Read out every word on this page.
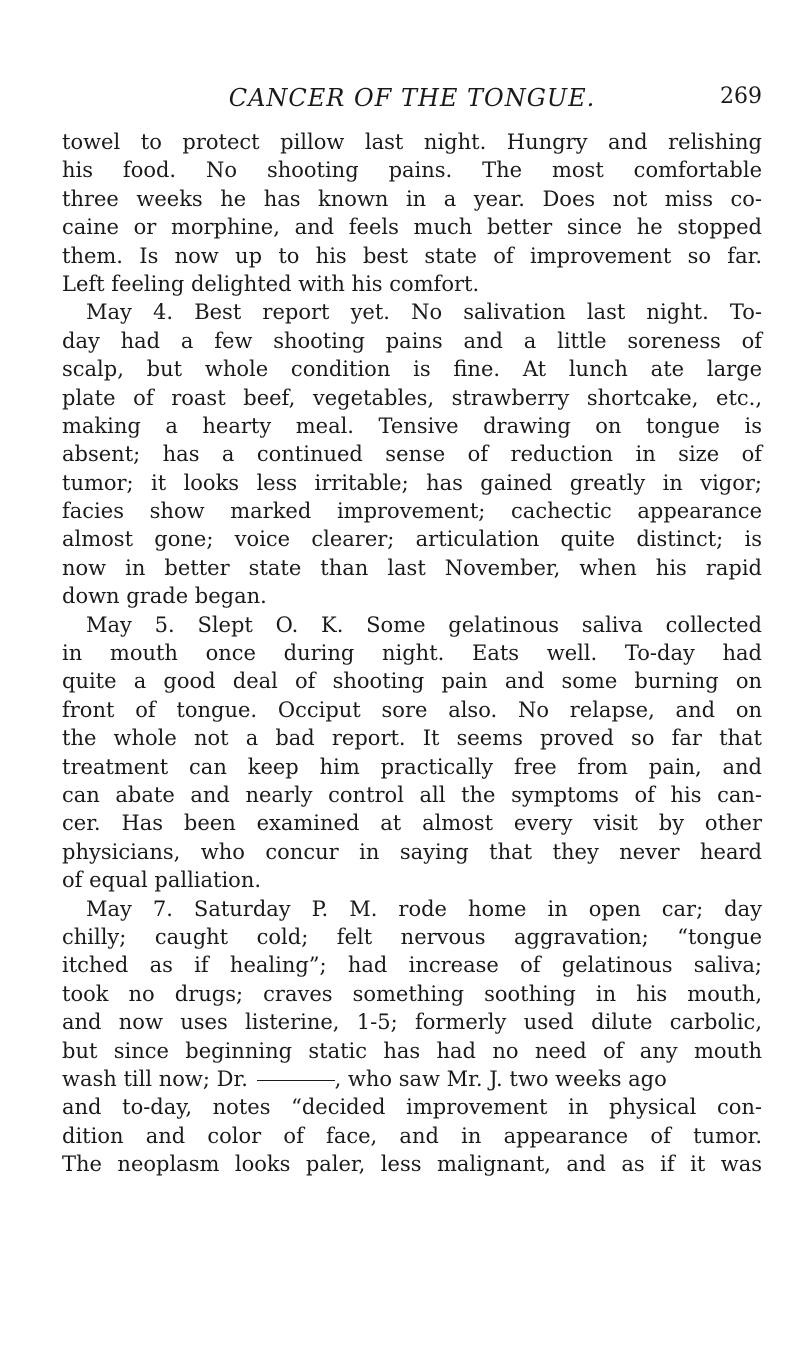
CANCER OF THE TONGUE.	269
towel to protect pillow last night. Hungry and relishing
his food. No shooting pains. The most comfortable
three weeks he has known in a year. Does not miss co-
caine or morphine, and feels much better since he stopped
them. Is now up to his best state of improvement so far.
Left feeling delighted with his comfort.
May 4. Best report yet. No salivation last night. To-
day had a few shooting pains and a little soreness of
scalp, but whole condition is fine. At lunch ate large
plate of roast beef, vegetables, strawberry shortcake, etc.,
making a hearty meal. Tensive drawing on tongue is
absent; has a continued sense of reduction in size of
tumor; it looks less irritable; has gained greatly in vigor;
facies show marked improvement; cachectic appearance
almost gone; voice clearer; articulation quite distinct; is
now in better state than last November, when his rapid
down grade began.
May 5. Slept O. K. Some gelatinous saliva collected
in mouth once during night. Eats well. To-day had
quite a good deal of shooting pain and some burning on
front of tongue. Occiput sore also. No relapse, and on
the whole not a bad report. It seems proved so far that
treatment can keep him practically free from pain, and
can abate and nearly control all the symptoms of his can-
cer. Has been examined at almost every visit by other
physicians, who concur in saying that they never heard
of equal palliation.
May 7. Saturday P. M. rode home in open car; day
chilly; caught cold; felt nervous aggravation; “tongue
itched as if healing”; had increase of gelatinous saliva;
took no drugs; craves something soothing in his mouth,
and now uses listerine, 1-5; formerly used dilute carbolic,
but since beginning static has had no need of any mouth
wash till now; Dr.	, who saw Mr. J. two weeks ago
and to-day, notes “decided improvement in physical con-
dition and color of face, and in appearance of tumor.
The neoplasm looks paler, less malignant, and as if it was
